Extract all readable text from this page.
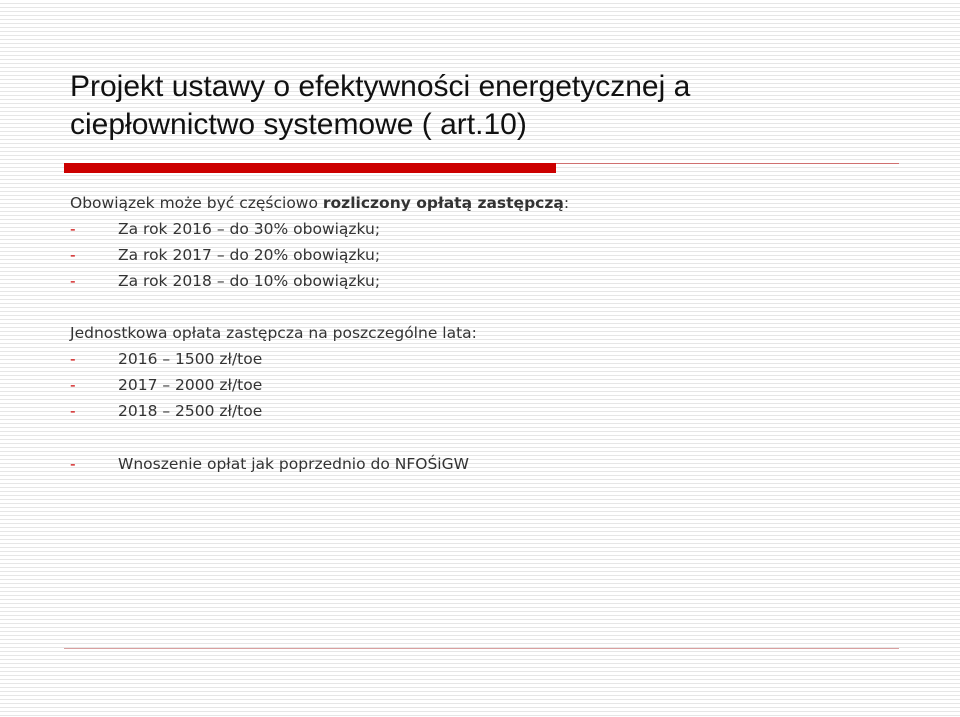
Projekt ustawy o efektywności energetycznej a
ciepłownictwo systemowe ( art.10)
Obowiązek może być częściowo rozliczony opłatą zastępczą:
-	Za rok 2016 – do 30% obowiązku;
-	Za rok 2017 – do 20% obowiązku;
-	Za rok 2018 – do 10% obowiązku;
Jednostkowa opłata zastępcza na poszczególne lata:
-	2016 – 1500 zł/toe
-	2017 – 2000 zł/toe
-	2018 – 2500 zł/toe
-	Wnoszenie opłat jak poprzednio do NFOŚiGW
